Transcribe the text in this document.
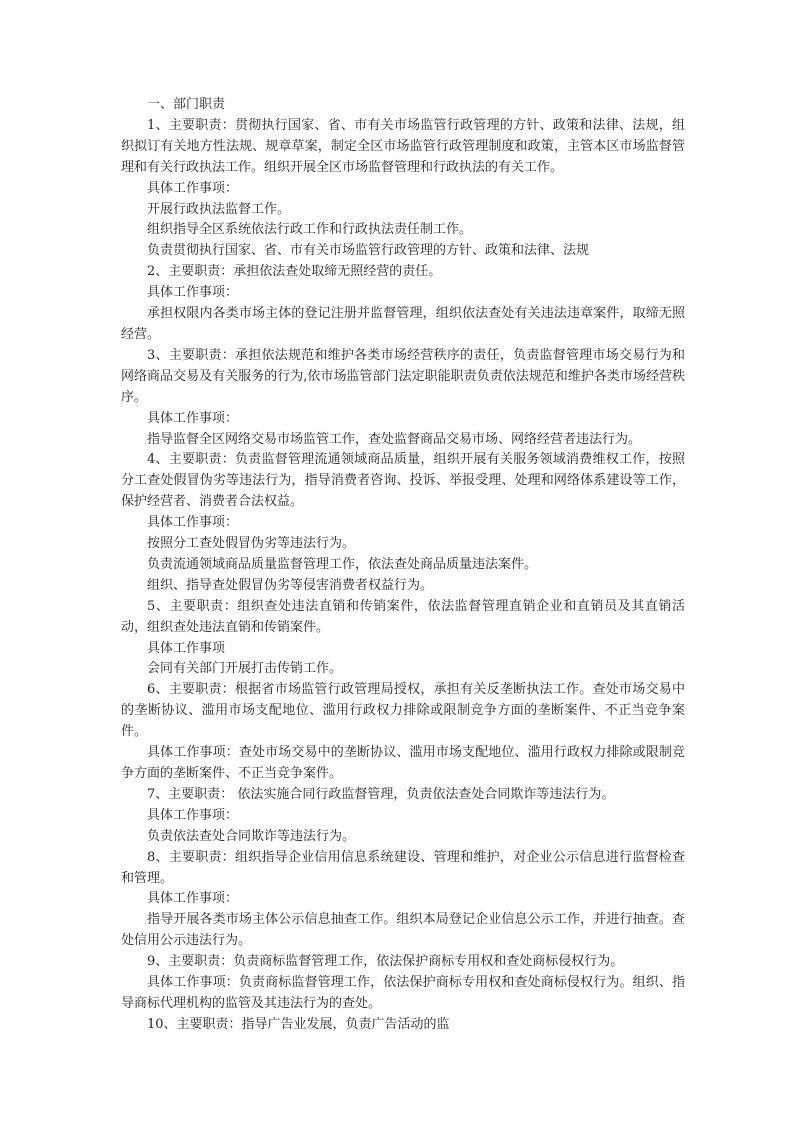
一、部门职责

1、主要职责：贯彻执行国家、省、市有关市场监管行政管理的方针、政策和法律、法规，组织拟订有关地方性法规、规章草案，制定全区市场监管行政管理制度和政策，主管本区市场监督管理和有关行政执法工作。组织开展全区市场监督管理和行政执法的有关工作。

具体工作事项：

开展行政执法监督工作。

组织指导全区系统依法行政工作和行政执法责任制工作。

负责贯彻执行国家、省、市有关市场监管行政管理的方针、政策和法律、法规

2、主要职责：承担依法查处取缔无照经营的责任。

具体工作事项：

承担权限内各类市场主体的登记注册并监督管理，组织依法查处有关违法违章案件，取缔无照经营。

3、主要职责：承担依法规范和维护各类市场经营秩序的责任，负责监督管理市场交易行为和网络商品交易及有关服务的行为,依市场监管部门法定职能职责负责依法规范和维护各类市场经营秩序。

具体工作事项：

指导监督全区网络交易市场监管工作，查处监督商品交易市场、网络经营者违法行为。

4、主要职责：负责监督管理流通领域商品质量，组织开展有关服务领域消费维权工作，按照分工查处假冒伪劣等违法行为，指导消费者咨询、投诉、举报受理、处理和网络体系建设等工作，保护经营者、消费者合法权益。

具体工作事项：

按照分工查处假冒伪劣等违法行为。

负责流通领域商品质量监督管理工作，依法查处商品质量违法案件。

组织、指导查处假冒伪劣等侵害消费者权益行为。

5、主要职责：组织查处违法直销和传销案件，依法监督管理直销企业和直销员及其直销活动，组织查处违法直销和传销案件。

具体工作事项

会同有关部门开展打击传销工作。

6、主要职责：根据省市场监管行政管理局授权，承担有关反垄断执法工作。查处市场交易中的垄断协议、滥用市场支配地位、滥用行政权力排除或限制竞争方面的垄断案件、不正当竞争案件。

具体工作事项：查处市场交易中的垄断协议、滥用市场支配地位、滥用行政权力排除或限制竞争方面的垄断案件、不正当竞争案件。

7、主要职责： 依法实施合同行政监督管理，负责依法查处合同欺诈等违法行为。

具体工作事项：

负责依法查处合同欺诈等违法行为。

8、主要职责：组织指导企业信用信息系统建设、管理和维护，对企业公示信息进行监督检查和管理。

具体工作事项：

指导开展各类市场主体公示信息抽查工作。组织本局登记企业信息公示工作，并进行抽查。查处信用公示违法行为。

9、主要职责：负责商标监督管理工作，依法保护商标专用权和查处商标侵权行为。

具体工作事项：负责商标监督管理工作，依法保护商标专用权和查处商标侵权行为。组织、指导商标代理机构的监管及其违法行为的查处。

10、主要职责：指导广告业发展，负责广告活动的监
